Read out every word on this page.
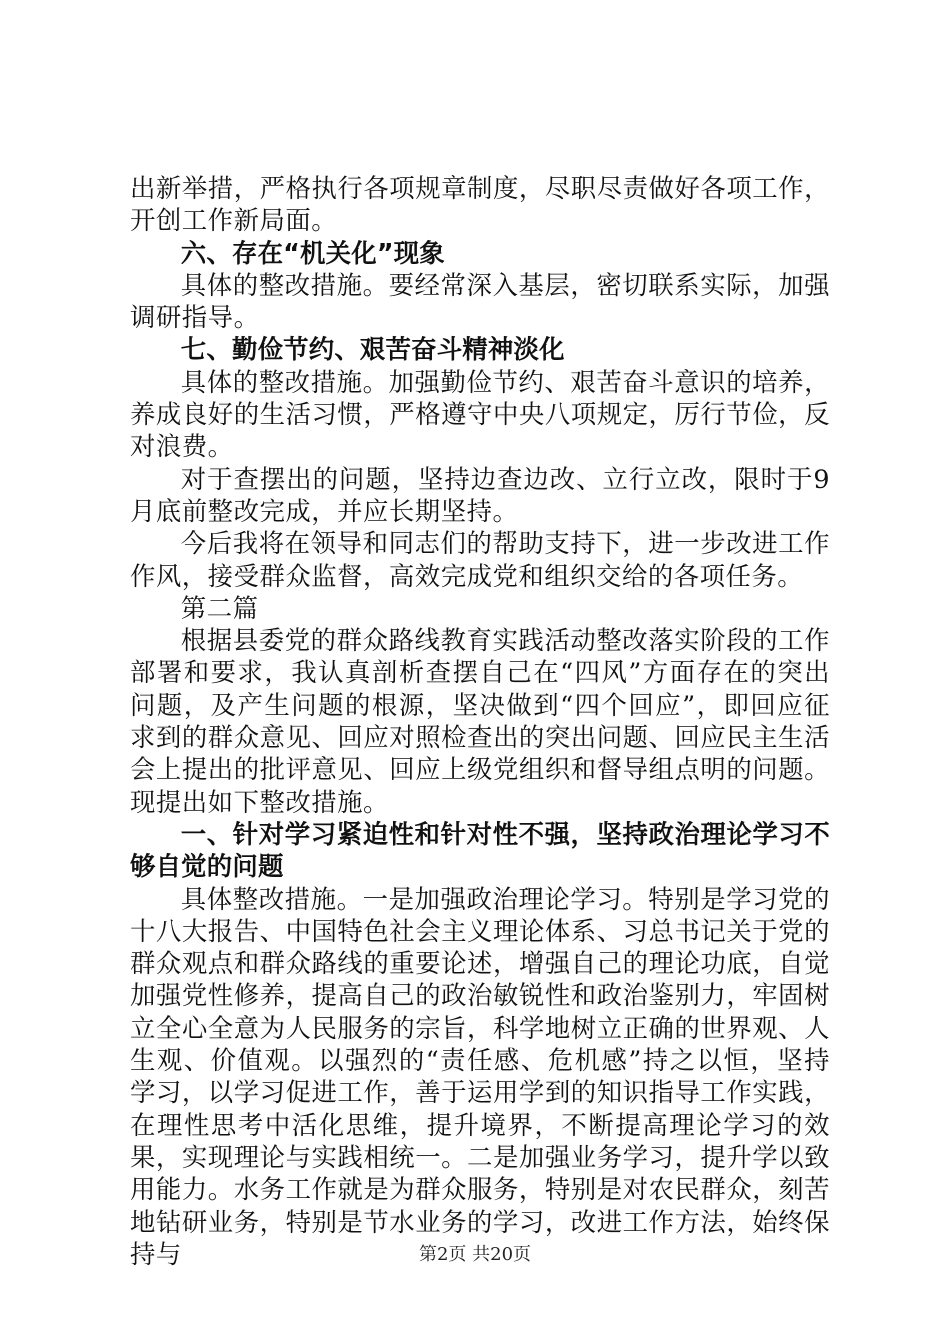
出新举措，严格执行各项规章制度，尽职尽责做好各项工作，开创工作新局面。

六、存在“机关化”现象

具体的整改措施。要经常深入基层，密切联系实际，加强调研指导。

七、勤俭节约、艰苦奋斗精神淡化

具体的整改措施。加强勤俭节约、艰苦奋斗意识的培养，养成良好的生活习惯，严格遵守中央八项规定，厉行节俭，反对浪费。

对于查摆出的问题，坚持边查边改、立行立改，限时于9月底前整改完成，并应长期坚持。

今后我将在领导和同志们的帮助支持下，进一步改进工作作风，接受群众监督，高效完成党和组织交给的各项任务。

第二篇

根据县委党的群众路线教育实践活动整改落实阶段的工作部署和要求，我认真剖析查摆自己在“四风”方面存在的突出问题，及产生问题的根源，坚决做到“四个回应”，即回应征求到的群众意见、回应对照检查出的突出问题、回应民主生活会上提出的批评意见、回应上级党组织和督导组点明的问题。现提出如下整改措施。

一、针对学习紧迫性和针对性不强，坚持政治理论学习不够自觉的问题

具体整改措施。一是加强政治理论学习。特别是学习党的十八大报告、中国特色社会主义理论体系、习总书记关于党的群众观点和群众路线的重要论述，增强自己的理论功底，自觉加强党性修养，提高自己的政治敏锐性和政治鉴别力，牢固树立全心全意为人民服务的宗旨，科学地树立正确的世界观、人生观、价值观。以强烈的“责任感、危机感”持之以恒，坚持学习，以学习促进工作，善于运用学到的知识指导工作实践，在理性思考中活化思维，提升境界，不断提高理论学习的效果，实现理论与实践相统一。二是加强业务学习，提升学以致用能力。水务工作就是为群众服务，特别是对农民群众，刻苦地钻研业务，特别是节水业务的学习，改进工作方法，始终保持与	第2页 共20页
